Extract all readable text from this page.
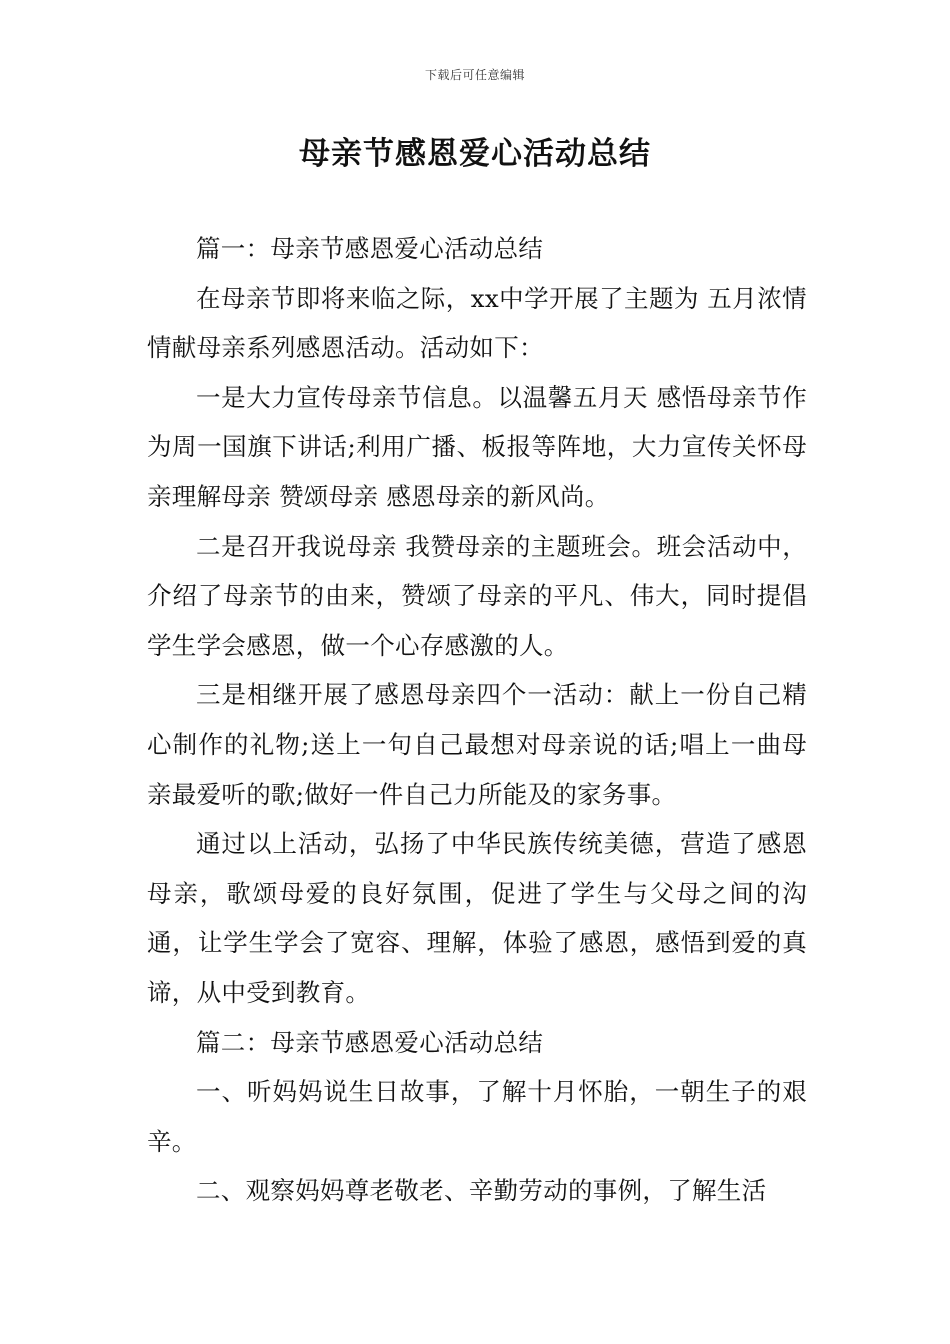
下载后可任意编辑
母亲节感恩爱心活动总结

篇一：母亲节感恩爱心活动总结

在母亲节即将来临之际，xx中学开展了主题为 五月浓情 情献母亲系列感恩活动。活动如下：

一是大力宣传母亲节信息。以温馨五月天 感悟母亲节作为周一国旗下讲话;利用广播、板报等阵地，大力宣传关怀母亲理解母亲 赞颂母亲 感恩母亲的新风尚。

二是召开我说母亲 我赞母亲的主题班会。班会活动中，介绍了母亲节的由来，赞颂了母亲的平凡、伟大，同时提倡学生学会感恩，做一个心存感激的人。

三是相继开展了感恩母亲四个一活动：献上一份自己精心制作的礼物;送上一句自己最想对母亲说的话;唱上一曲母亲最爱听的歌;做好一件自己力所能及的家务事。

通过以上活动，弘扬了中华民族传统美德，营造了感恩母亲，歌颂母爱的良好氛围，促进了学生与父母之间的沟通，让学生学会了宽容、理解，体验了感恩，感悟到爱的真谛，从中受到教育。

篇二：母亲节感恩爱心活动总结

一、听妈妈说生日故事，了解十月怀胎，一朝生子的艰辛。

二、观察妈妈尊老敬老、辛勤劳动的事例，了解生活
